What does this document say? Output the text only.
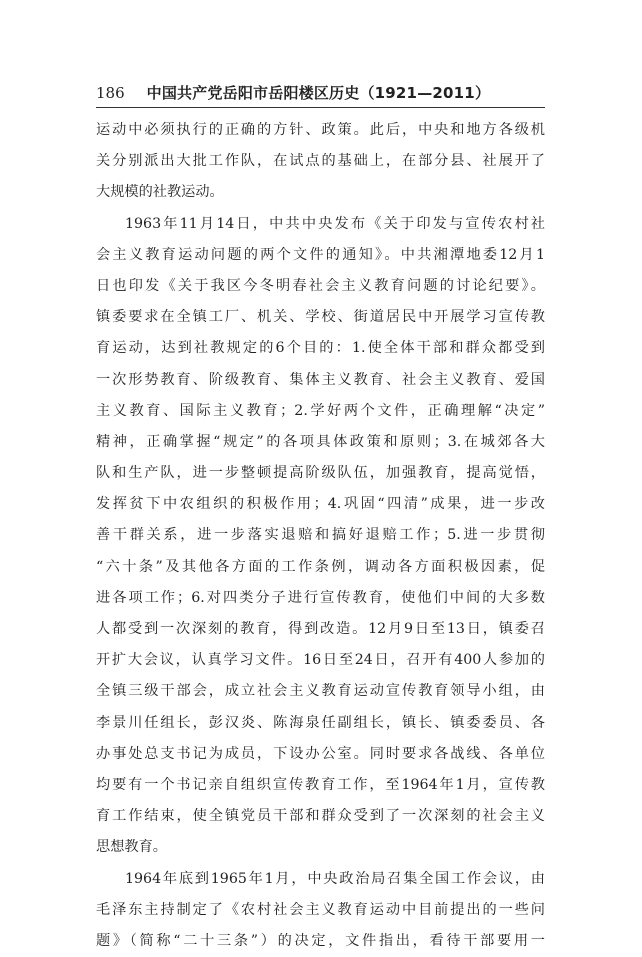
186 中国共产党岳阳市岳阳楼区历史（1921—2011）
运动中必须执行的正确的方针、政策。此后，中央和地方各级机
关分别派出大批工作队，在试点的基础上，在部分县、社展开了
大规模的社教运动。
1963年11月14日，中共中央发布《关于印发与宣传农村社
会主义教育运动问题的两个文件的通知》。中共湘潭地委12月1
日也印发《关于我区今冬明春社会主义教育问题的讨论纪要》。
镇委要求在全镇工厂、机关、学校、街道居民中开展学习宣传教
育运动，达到社教规定的6个目的：1.使全体干部和群众都受到
一次形势教育、阶级教育、集体主义教育、社会主义教育、爱国
主义教育、国际主义教育；2.学好两个文件，正确理解“决定”
精神，正确掌握“规定”的各项具体政策和原则；3.在城郊各大
队和生产队，进一步整顿提高阶级队伍，加强教育，提高觉悟，
发挥贫下中农组织的积极作用；4.巩固“四清”成果，进一步改
善干群关系，进一步落实退赔和搞好退赔工作；5.进一步贯彻
“六十条”及其他各方面的工作条例，调动各方面积极因素，促
进各项工作；6.对四类分子进行宣传教育，使他们中间的大多数
人都受到一次深刻的教育，得到改造。12月9日至13日，镇委召
开扩大会议，认真学习文件。16日至24日，召开有400人参加的
全镇三级干部会，成立社会主义教育运动宣传教育领导小组，由
李景川任组长，彭汉炎、陈海泉任副组长，镇长、镇委委员、各
办事处总支书记为成员，下设办公室。同时要求各战线、各单位
均要有一个书记亲自组织宣传教育工作，至1964年1月，宣传教
育工作结束，使全镇党员干部和群众受到了一次深刻的社会主义
思想教育。
1964年底到1965年1月，中央政治局召集全国工作会议，由
毛泽东主持制定了《农村社会主义教育运动中目前提出的一些问
题》（简称“二十三条”）的决定，文件指出，看待干部要用一
